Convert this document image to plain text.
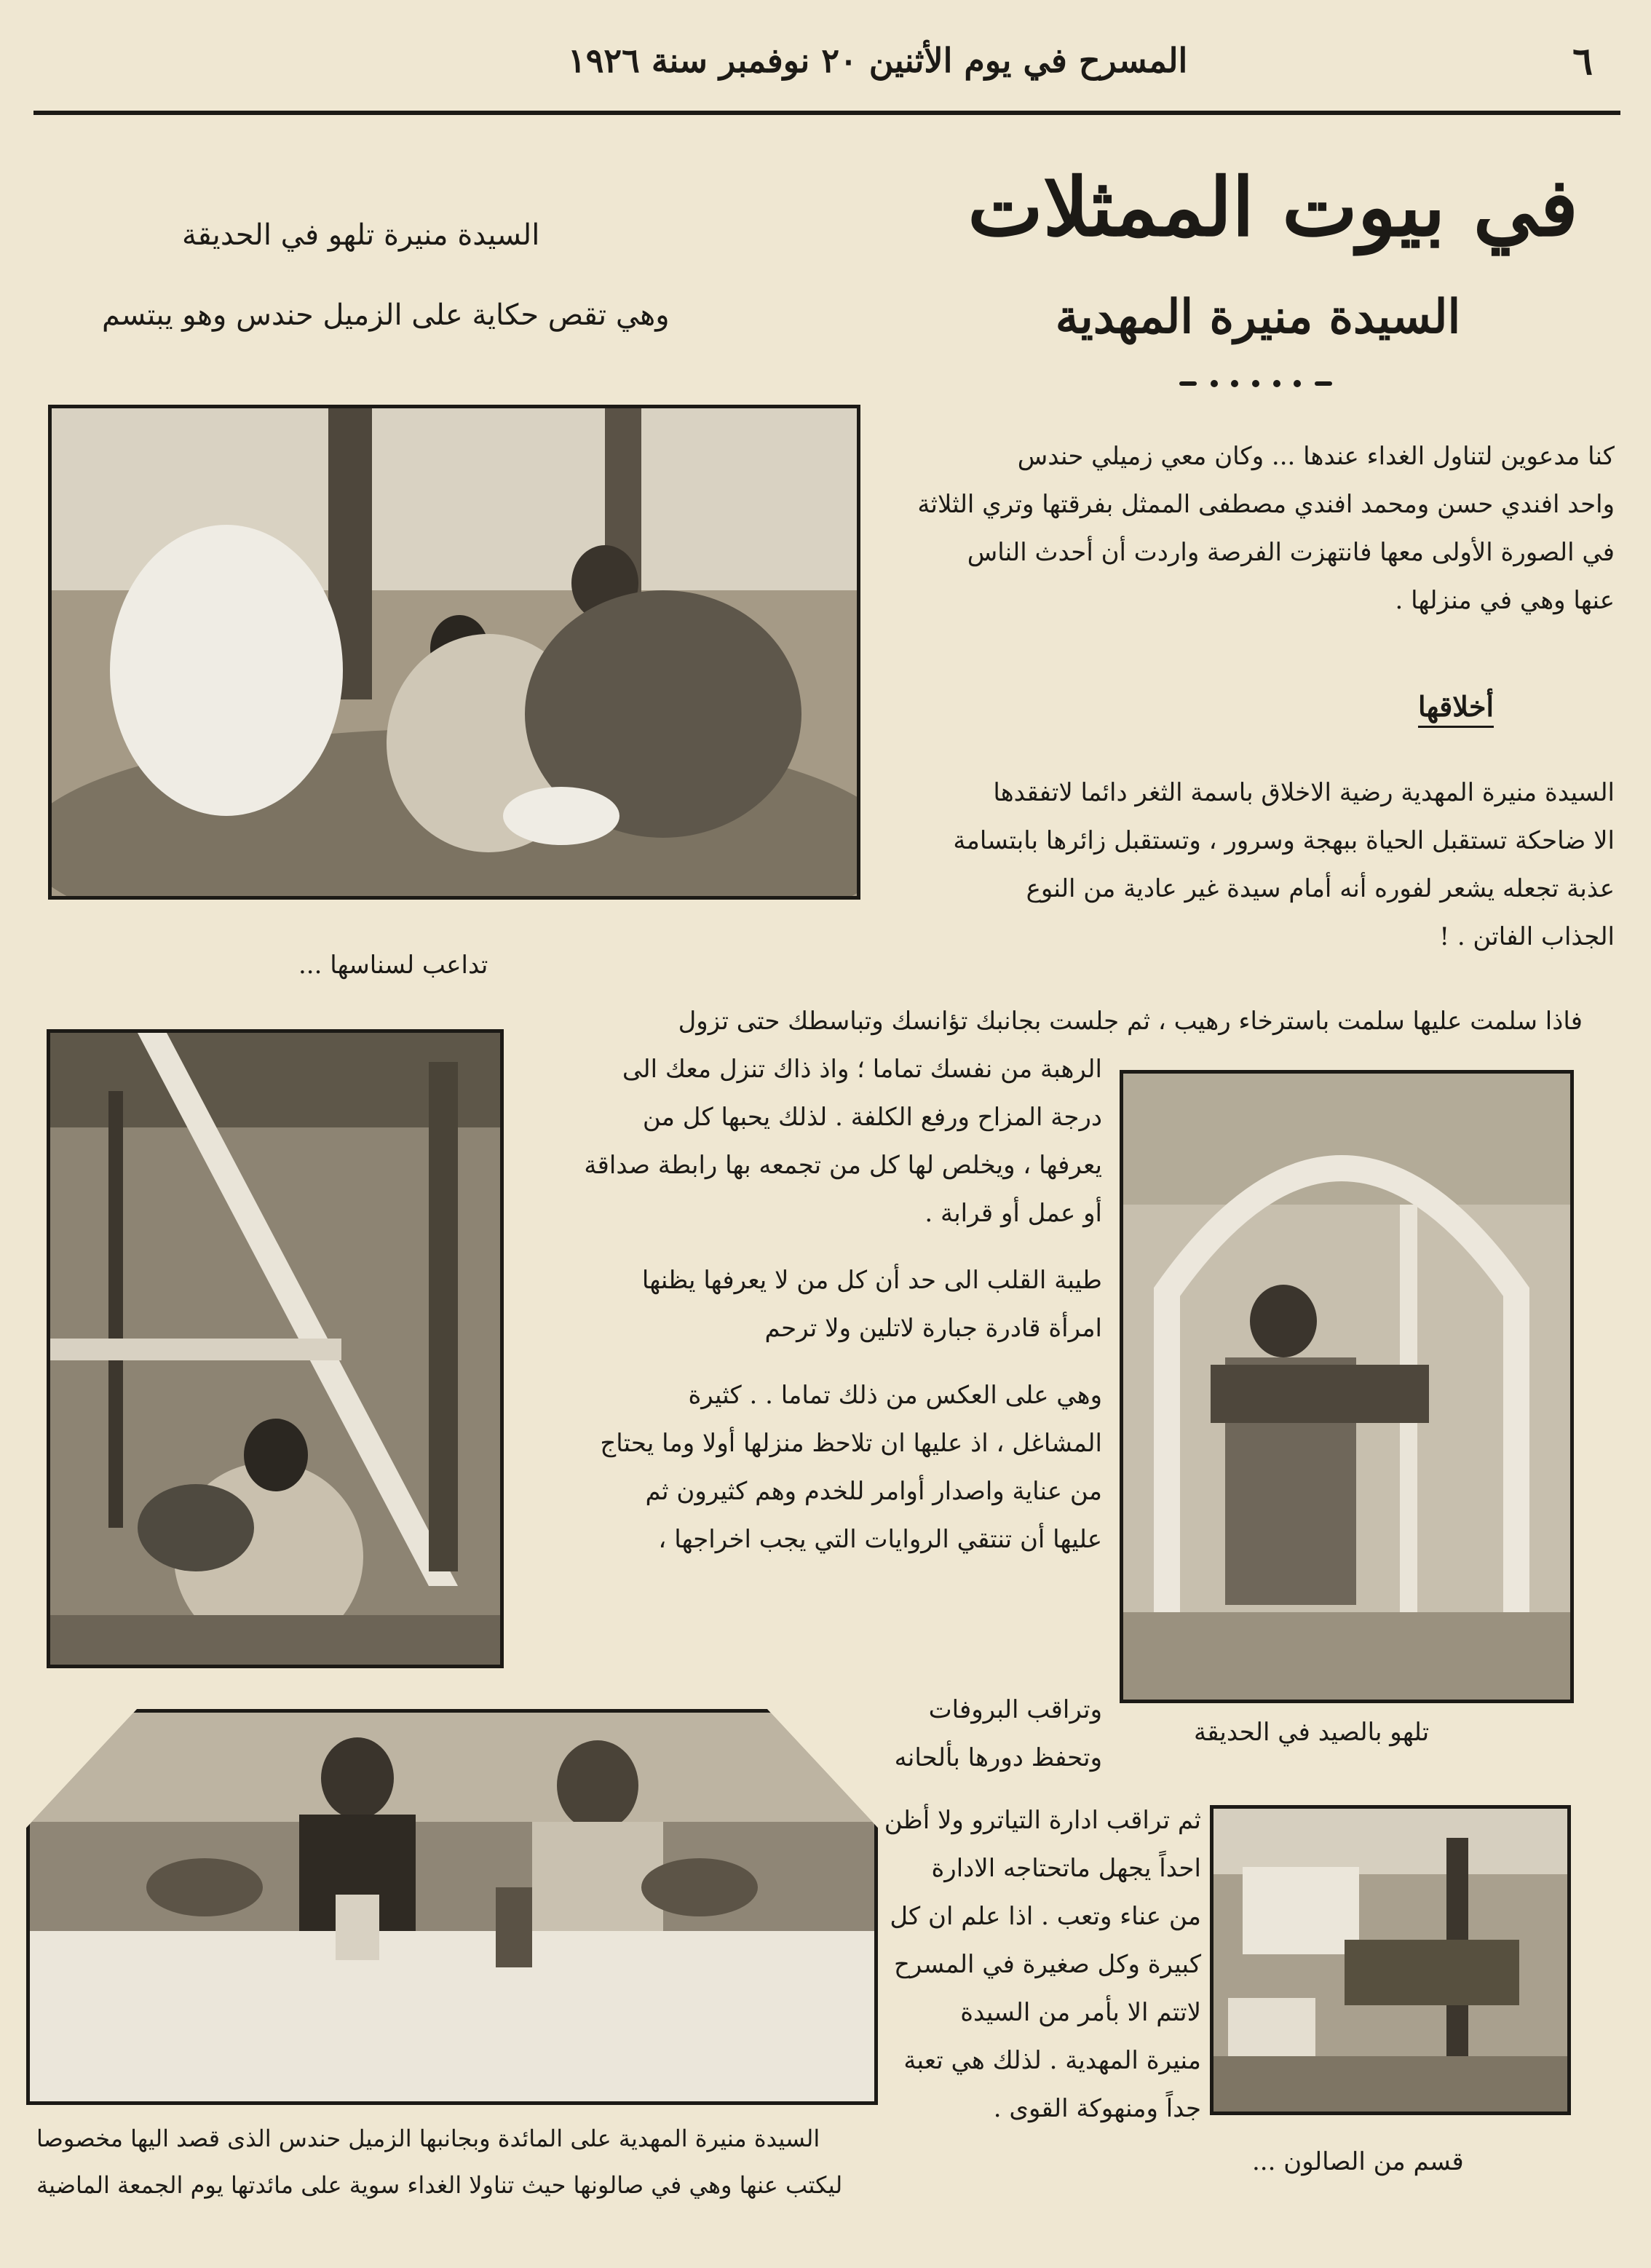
المسرح في يوم الأثنين ٢٠ نوفمبر سنة ١٩٢٦	٦
في بيوت الممثلات
السيدة منيرة المهدية
السيدة منيرة تلهو في الحديقة
وهي تقص حكاية على الزميل حندس وهو يبتسم

كنا مدعوين لتناول الغداء عندها ... وكان معي زميلي حندس

واحد افندي حسن ومحمد افندي مصطفى الممثل بفرقتها وتري الثلاثة

في الصورة الأولى معها فانتهزت الفرصة واردت أن أحدث الناس

عنها وهي في منزلها .

أخلاقها

السيدة منيرة المهدية رضية الاخلاق باسمة الثغر دائما لاتفقدها

الا ضاحكة تستقبل الحياة ببهجة وسرور ، وتستقبل زائرها بابتسامة

عذبة تجعله يشعر لفوره أنه أمام سيدة غير عادية من النوع

الجذاب الفاتن . !

تداعب لسناسها ...
فاذا سلمت عليها سلمت باسترخاء رهيب ، ثم جلست بجانبك تؤانسك وتباسطك حتى تزول

الرهبة من نفسك تماما ؛ واذ ذاك تنزل معك الى

درجة المزاح ورفع الكلفة . لذلك يحبها كل من

يعرفها ، ويخلص لها كل من تجمعه بها رابطة صداقة

أو عمل أو قرابة .

طيبة القلب الى حد أن كل من لا يعرفها يظنها

امرأة قادرة جبارة لاتلين ولا ترحم

وهي على العكس من ذلك تماما . . كثيرة

المشاغل ، اذ عليها ان تلاحظ منزلها أولا وما يحتاج

من عناية واصدار أوامر للخدم وهم كثيرون ثم

عليها أن تنتقي الروايات التي يجب اخراجها ،

وتراقب البروفات

وتحفظ دورها بألحانه

تلهو بالصيد في الحديقة

ثم تراقب ادارة التياترو ولا أظن

احداً يجهل ماتحتاجه الادارة

من عناء وتعب . اذا علم ان كل

كبيرة وكل صغيرة في المسرح

لاتتم الا بأمر من السيدة

منيرة المهدية . لذلك هي تعبة

جداً ومنهوكة القوى .

قسم من الصالون ...
السيدة منيرة المهدية على المائدة وبجانبها الزميل حندس الذى قصد اليها مخصوصا
ليكتب عنها وهي في صالونها حيث تناولا الغداء سوية على مائدتها يوم الجمعة الماضية
